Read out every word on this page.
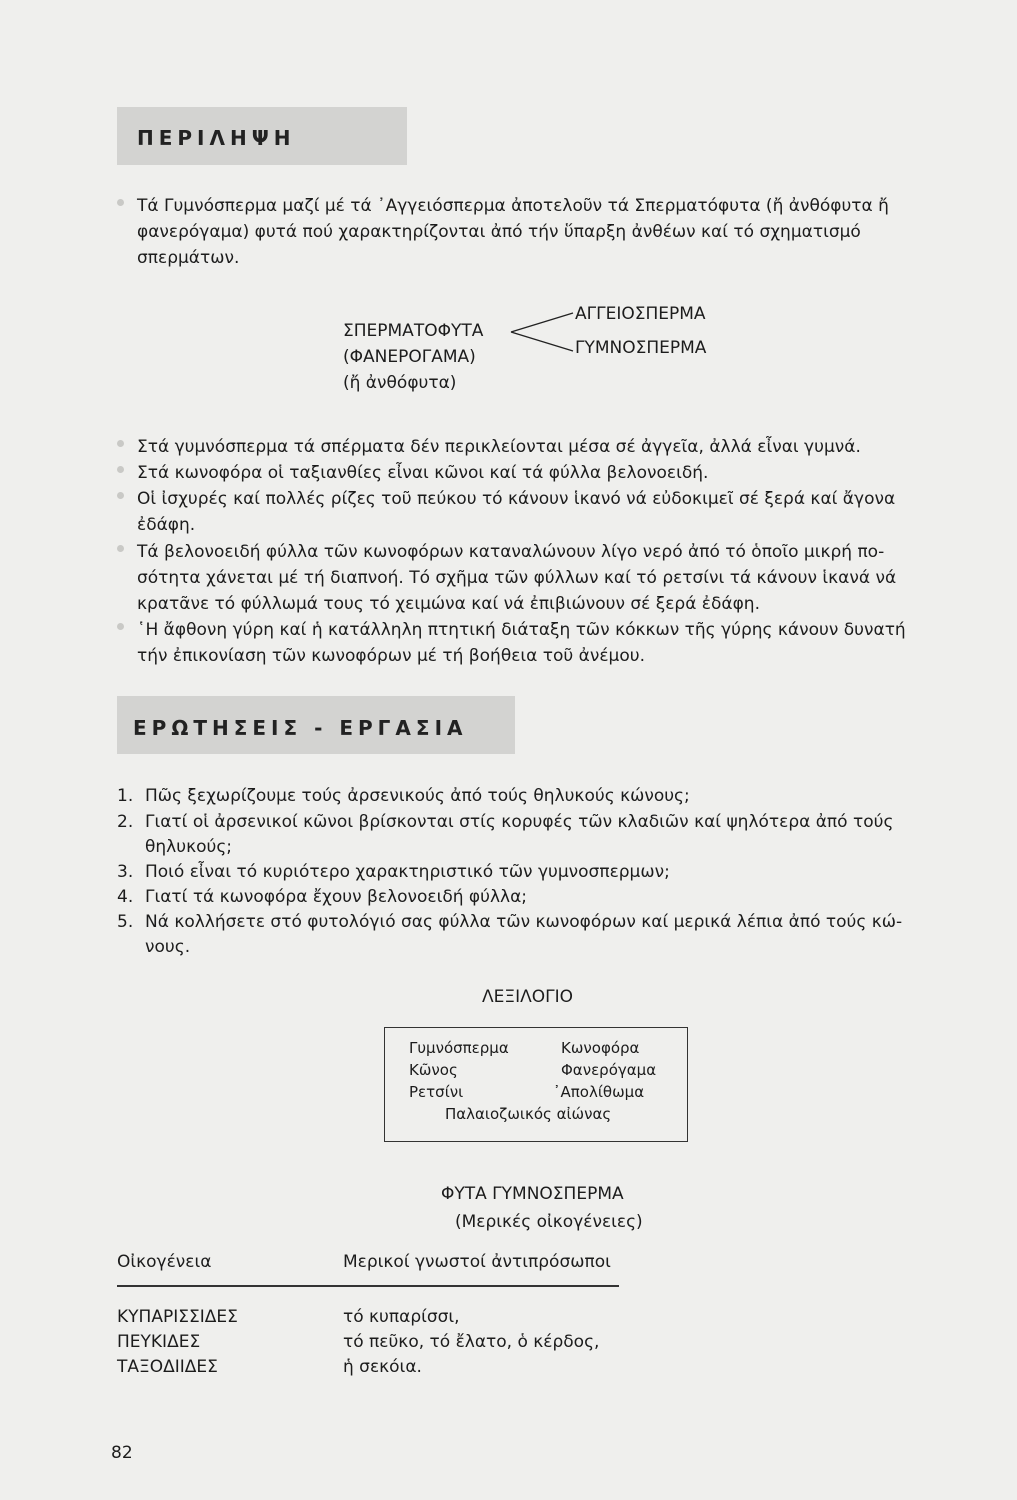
ΠΕΡΙΛΗΨΗ
Τά Γυμνόσπερμα μαζί μέ τά ᾿Αγγειόσπερμα ἀποτελοῦν τά Σπερματόφυτα (ἤ ἀνθόφυτα ἤ
φανερόγαμα) φυτά πού χαρακτηρίζονται ἀπό τήν ὕπαρξη ἀνθέων καί τό σχηματισμό
σπερμάτων.
ΣΠΕΡΜΑΤΟΦΥΤΑ
(ΦΑΝΕΡΟΓΑΜΑ)
(ἤ ἀνθόφυτα)
ΑΓΓΕΙΟΣΠΕΡΜΑ
ΓΥΜΝΟΣΠΕΡΜΑ
Στά γυμνόσπερμα τά σπέρματα δέν περικλείονται μέσα σέ ἀγγεῖα, ἀλλά εἶναι γυμνά.
Στά κωνοφόρα οἱ ταξιανθίες εἶναι κῶνοι καί τά φύλλα βελονοειδή.
Οἱ ἰσχυρές καί πολλές ρίζες τοῦ πεύκου τό κάνουν ἱκανό νά εὐδοκιμεῖ σέ ξερά καί ἄγονα
ἐδάφη.
Τά βελονοειδή φύλλα τῶν κωνοφόρων καταναλώνουν λίγο νερό ἀπό τό ὁποῖο μικρή πο-
σότητα χάνεται μέ τή διαπνοή. Τό σχῆμα τῶν φύλλων καί τό ρετσίνι τά κάνουν ἱκανά νά
κρατᾶνε τό φύλλωμά τους τό χειμώνα καί νά ἐπιβιώνουν σέ ξερά ἐδάφη.
῾Η ἄφθονη γύρη καί ἡ κατάλληλη πτητική διάταξη τῶν κόκκων τῆς γύρης κάνουν δυνατή
τήν ἐπικονίαση τῶν κωνοφόρων μέ τή βοήθεια τοῦ ἀνέμου.
ΕΡΩΤΗΣΕΙΣ - ΕΡΓΑΣΙΑ
1. Πῶς ξεχωρίζουμε τούς ἀρσενικούς ἀπό τούς θηλυκούς κώνους;
2. Γιατί οἱ ἀρσενικοί κῶνοι βρίσκονται στίς κορυφές τῶν κλαδιῶν καί ψηλότερα ἀπό τούς
θηλυκούς;
3. Ποιό εἶναι τό κυριότερο χαρακτηριστικό τῶν γυμνοσπερμων;
4. Γιατί τά κωνοφόρα ἔχουν βελονοειδή φύλλα;
5. Νά κολλήσετε στό φυτολόγιό σας φύλλα τῶν κωνοφόρων καί μερικά λέπια ἀπό τούς κώ-
νους.
ΛΕΞΙΛΟΓΙΟ
Γυμνόσπερμα
Κῶνος
Ρετσίνι
Κωνοφόρα
Φανερόγαμα
᾿Απολίθωμα
Παλαιοζωικός αἰώνας
ΦΥΤΑ ΓΥΜΝΟΣΠΕΡΜΑ
(Μερικές οἰκογένειες)
Οἰκογένεια	Μερικοί γνωστοί ἀντιπρόσωποι
ΚΥΠΑΡΙΣΣΙΔΕΣ
ΠΕΥΚΙΔΕΣ
ΤΑΞΟΔΙΙΔΕΣ
τό κυπαρίσσι,
τό πεῦκο, τό ἔλατο, ὁ κέρδος,
ἡ σεκόια.
82
